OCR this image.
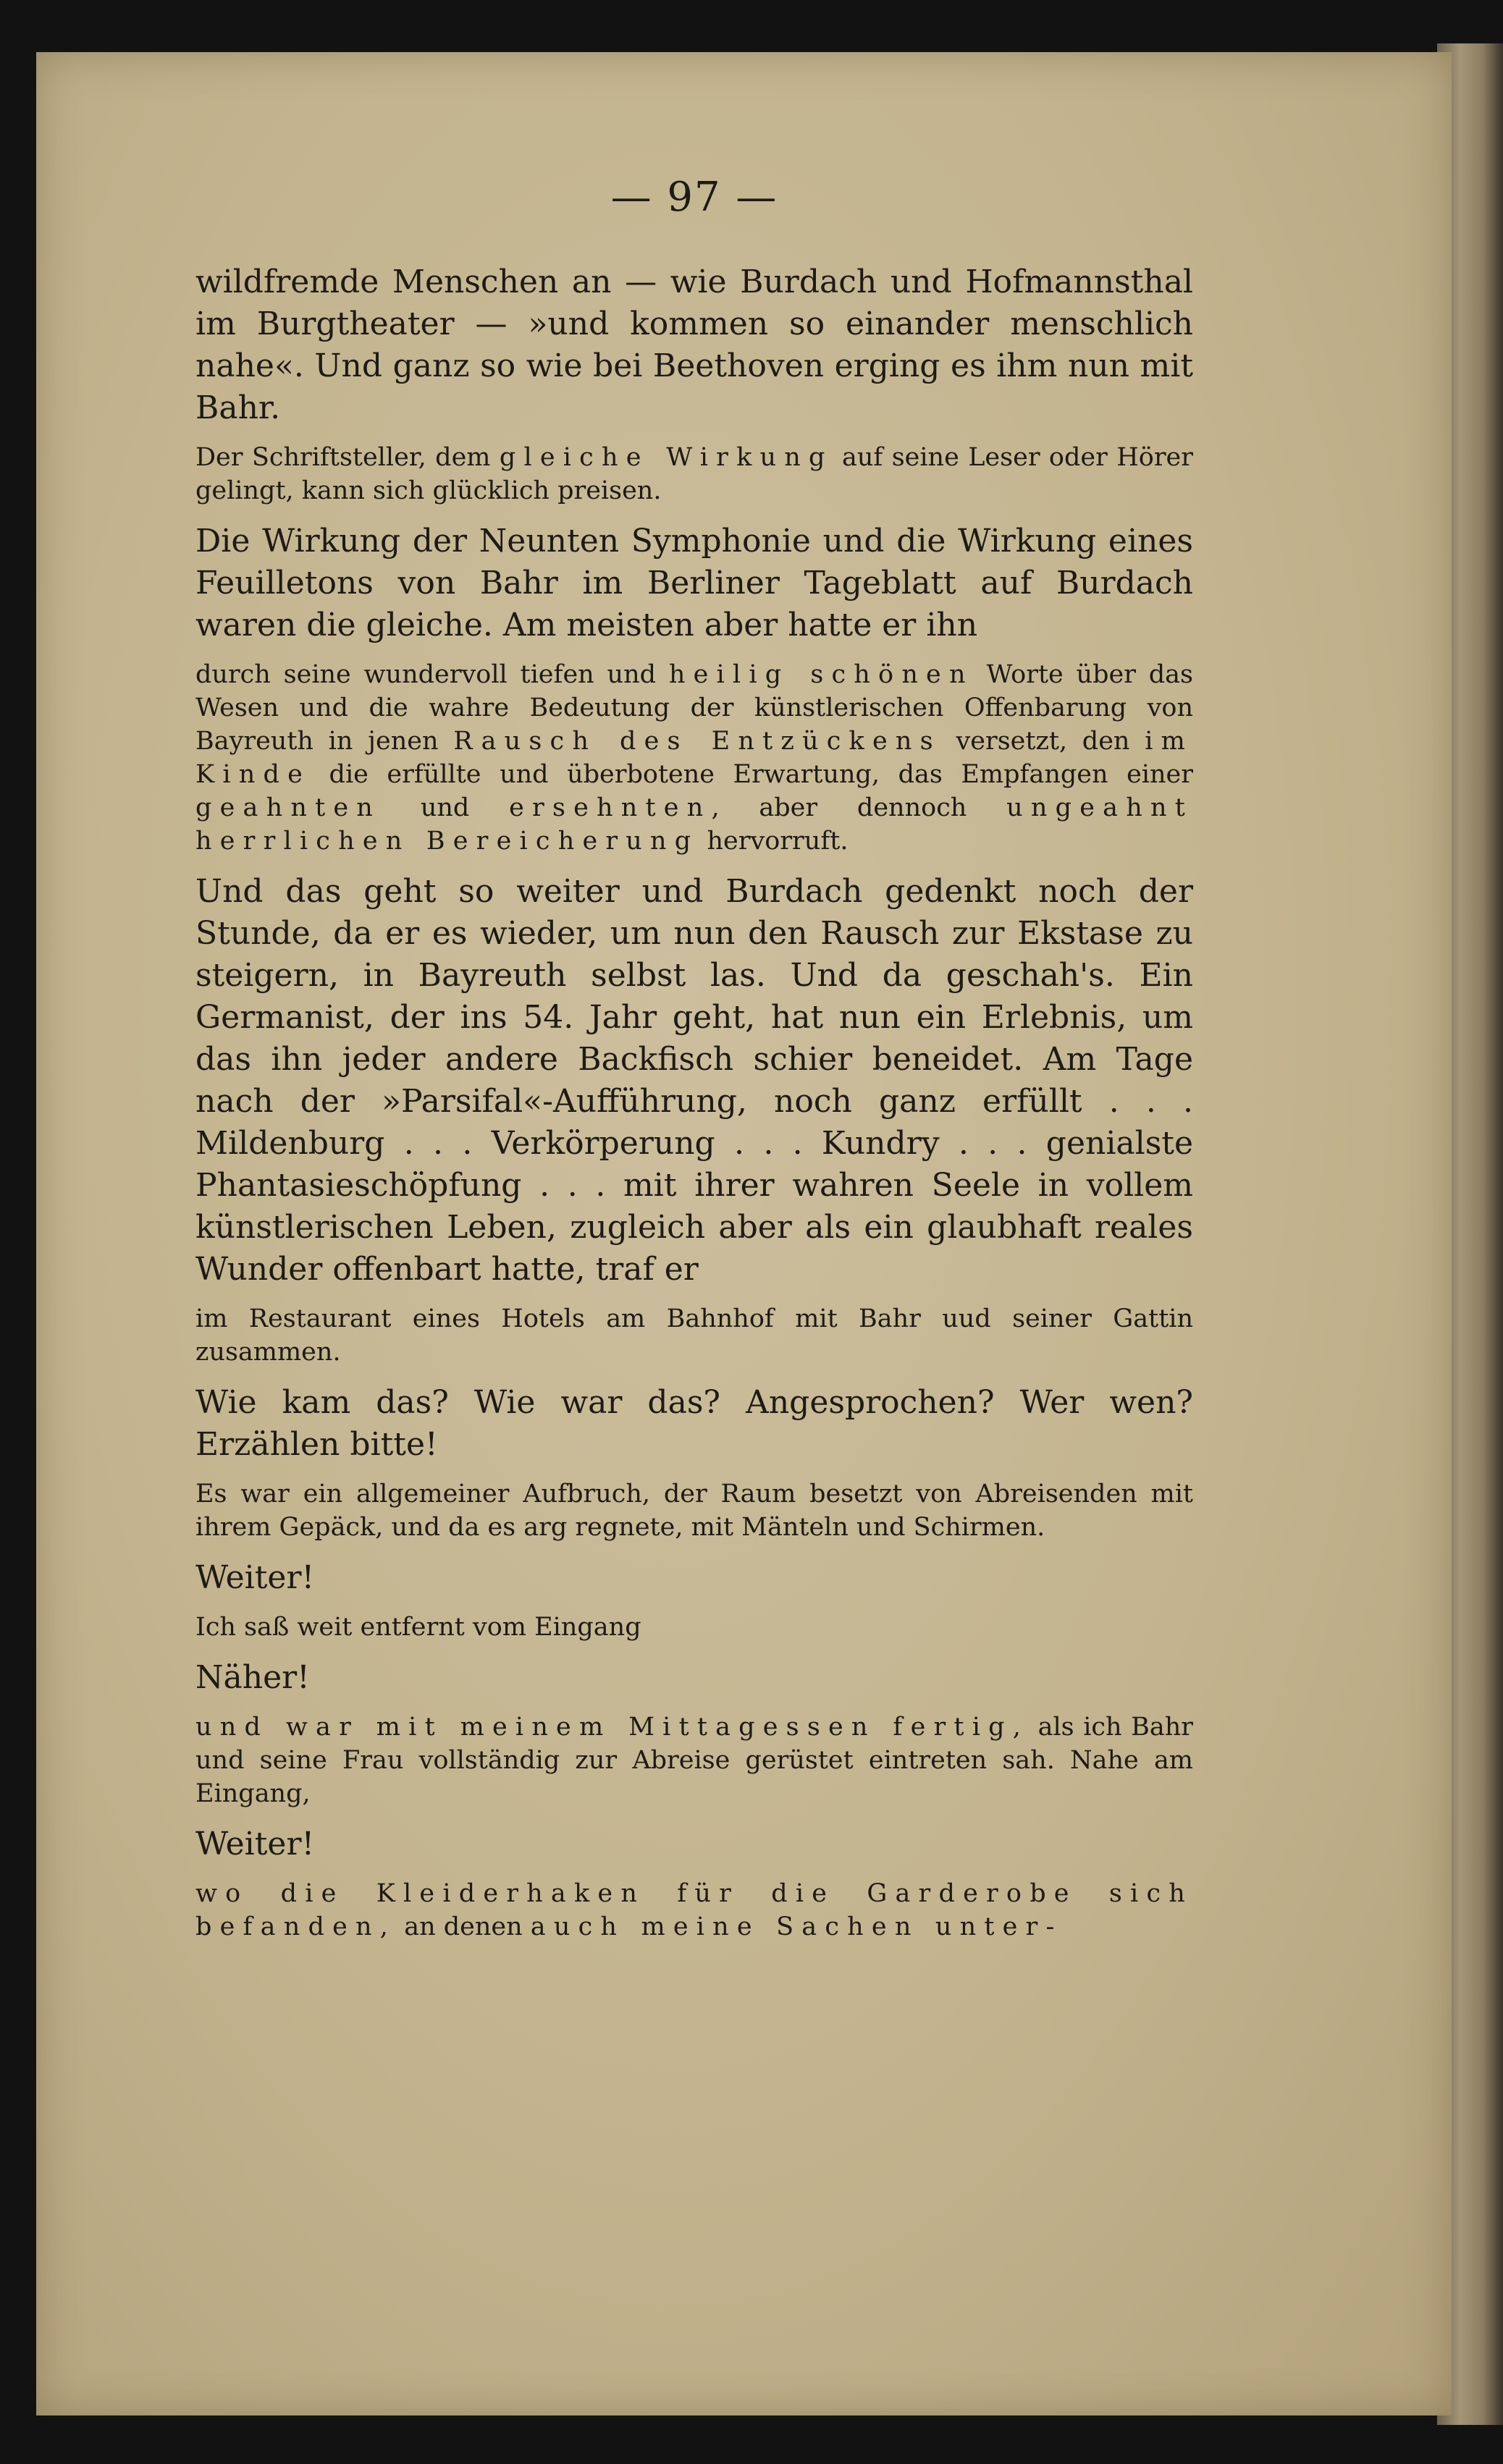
— 97 —

wildfremde Menschen an — wie Burdach und Hofmannsthal im Burgtheater — »und kommen so einander menschlich nahe«. Und ganz so wie bei Beethoven erging es ihm nun mit Bahr.

Der Schriftsteller, dem gleiche Wirkung auf seine Leser oder Hörer gelingt, kann sich glücklich preisen.

Die Wirkung der Neunten Symphonie und die Wirkung eines Feuilletons von Bahr im Berliner Tageblatt auf Burdach waren die gleiche. Am meisten aber hatte er ihn

durch seine wundervoll tiefen und heilig schönen Worte über das Wesen und die wahre Bedeutung der künstlerischen Offenbarung von Bayreuth in jenen Rausch des Entzückens versetzt, den im Kinde die erfüllte und überbotene Erwartung, das Empfangen einer geahnten und ersehnten, aber dennoch ungeahnt herrlichen Bereicherung hervorruft.

Und das geht so weiter und Burdach gedenkt noch der Stunde, da er es wieder, um nun den Rausch zur Ekstase zu steigern, in Bayreuth selbst las. Und da geschah's. Ein Germanist, der ins 54. Jahr geht, hat nun ein Erlebnis, um das ihn jeder andere Backfisch schier beneidet. Am Tage nach der »Parsifal«-Aufführung, noch ganz erfüllt . . . Mildenburg . . . Verkörperung . . . Kundry . . . genialste Phantasieschöpfung . . . mit ihrer wahren Seele in vollem künstlerischen Leben, zugleich aber als ein glaubhaft reales Wunder offenbart hatte, traf er

im Restaurant eines Hotels am Bahnhof mit Bahr uud seiner Gattin zusammen.

Wie kam das? Wie war das? Angesprochen? Wer wen? Erzählen bitte!

Es war ein allgemeiner Aufbruch, der Raum besetzt von Abreisenden mit ihrem Gepäck, und da es arg regnete, mit Mänteln und Schirmen.

Weiter!

Ich saß weit entfernt vom Eingang

Näher!

und war mit meinem Mittagessen fertig, als ich Bahr und seine Frau vollständig zur Abreise gerüstet eintreten sah. Nahe am Eingang,

Weiter!

wo die Kleiderhaken für die Garderobe sich befanden, an denen auch meine Sachen unter-
